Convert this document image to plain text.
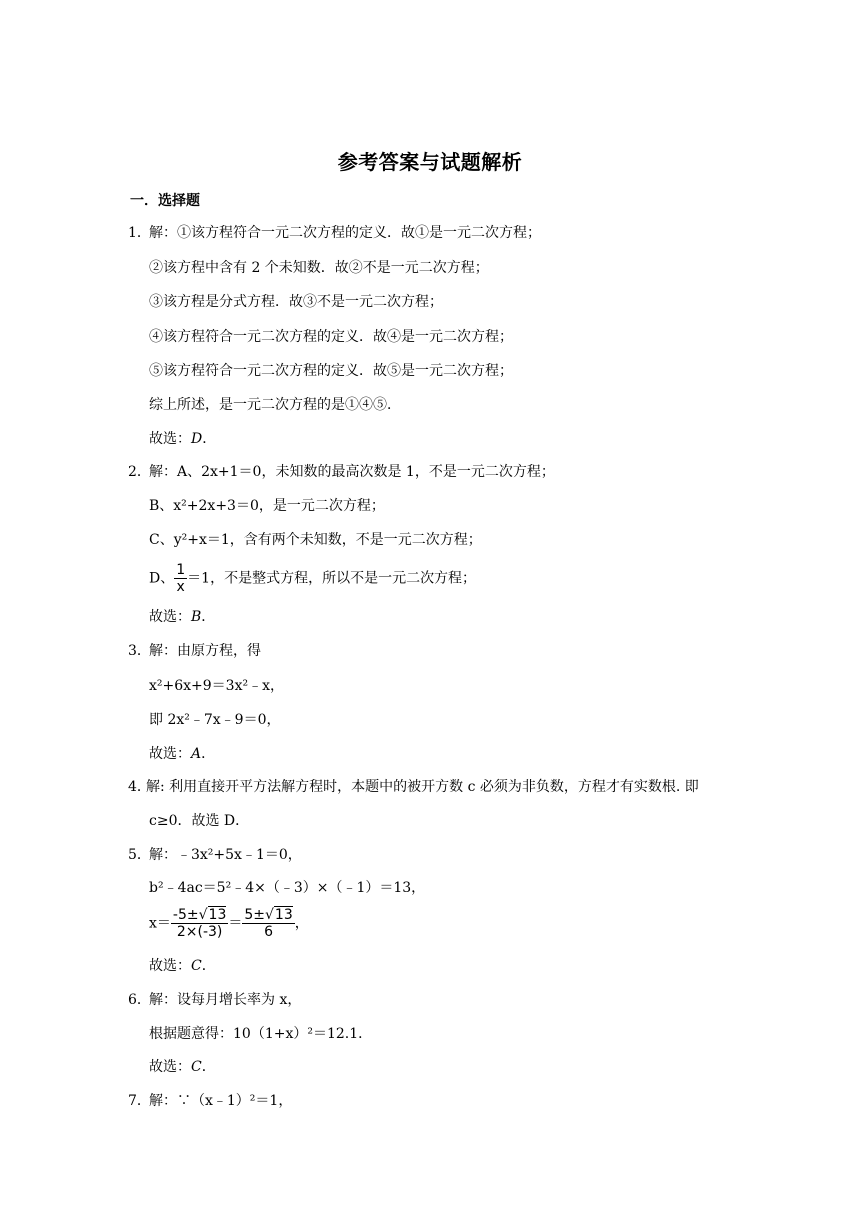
参考答案与试题解析
一．选择题
1．
解：①该方程符合一元二次方程的定义．故①是一元二次方程；
②该方程中含有 2 个未知数．故②不是一元二次方程；
③该方程是分式方程．故③不是一元二次方程；
④该方程符合一元二次方程的定义．故④是一元二次方程；
⑤该方程符合一元二次方程的定义．故⑤是一元二次方程；
综上所述，是一元二次方程的是①④⑤．
故选：D．
2．
解：A、2x+1＝0，未知数的最高次数是 1，不是一元二次方程；
B、x²+2x+3＝0，是一元二次方程；
C、y²+x＝1，含有两个未知数，不是一元二次方程；
D、 $\frac{1}{x} =1$，不是整式方程，所以不是一元二次方程；
故选：B．
3．
解：由原方程，得
x²+6x+9＝3x²﹣x，
即 2x²﹣7x﹣9＝0，
故选：A．
4．
解: 利用直接开平方法解方程时，本题中的被开方数 c 必须为非负数，方程才有实数根. 即
c≥0．故选 D．
5．
解：﹣3x²+5x﹣1＝0，
b²﹣4ac＝5²﹣4×（﹣3）×（﹣1）＝13，
$x= \frac{-5\pm√13}{2\times(-3)} = \frac{5\pm√13}{6}$ ，
故选：C．
6．
解：设每月增长率为 x，
根据题意得：10（1+x）²＝12.1．
故选：C．
7．
解：∵（x﹣1）²＝1，
